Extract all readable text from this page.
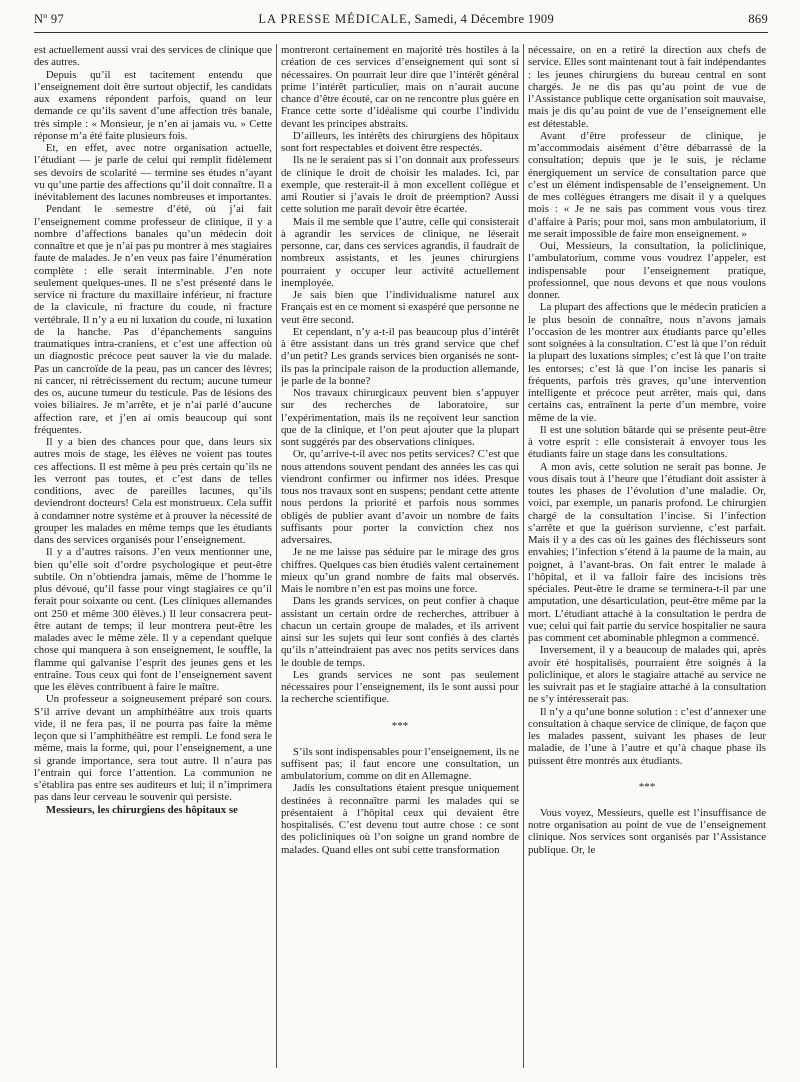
Nº 97	LA PRESSE MÉDICALE, Samedi, 4 Décembre 1909	869

est actuellement aussi vrai des services de clinique que des autres.

Depuis qu’il est tacitement entendu que l’enseignement doit être surtout objectif, les candidats aux examens répondent parfois, quand on leur demande ce qu’ils savent d’une affection très banale, très simple : « Monsieur, je n’en ai jamais vu. » Cette réponse m’a été faite plusieurs fois.

Et, en effet, avec notre organisation actuelle, l’étudiant — je parle de celui qui remplit fidèlement ses devoirs de scolarité — termine ses études n’ayant vu qu’une partie des affections qu’il doit connaître. Il a inévitablement des lacunes nombreuses et importantes.

Pendant le semestre d’été, où j’ai fait l’enseignement comme professeur de clinique, il y a nombre d’affections banales qu’un médecin doit connaître et que je n’ai pas pu montrer à mes stagiaires faute de malades. Je n’en veux pas faire l’énumération complète : elle serait interminable. J’en note seulement quelques-unes. Il ne s’est présenté dans le service ni fracture du maxillaire inférieur, ni fracture de la clavicule, ni fracture du coude, ni fracture vertébrale. Il n’y a eu ni luxation du coude, ni luxation de la hanche. Pas d’épanchements sanguins traumatiques intra-craniens, et c’est une affection où un diagnostic précoce peut sauver la vie du malade. Pas un cancroïde de la peau, pas un cancer des lèvres; ni cancer, ni rétrécissement du rectum; aucune tumeur des os, aucune tumeur du testicule. Pas de lésions des voies biliaires. Je m’arrête, et je n’ai parlé d’aucune affection rare, et j’en ai omis beaucoup qui sont fréquentes.

Il y a bien des chances pour que, dans leurs six autres mois de stage, les élèves ne voient pas toutes ces affections. Il est même à peu près certain qu’ils ne les verront pas toutes, et c’est dans de telles conditions, avec de pareilles lacunes, qu’ils deviendront docteurs! Cela est monstrueux. Cela suffit à condamner notre système et à prouver la nécessité de grouper les malades en même temps que les étudiants dans des services organisés pour l’enseignement.

Il y a d’autres raisons. J’en veux mentionner une, bien qu’elle soit d’ordre psychologique et peut-être subtile. On n’obtiendra jamais, même de l’homme le plus dévoué, qu’il fasse pour vingt stagiaires ce qu’il ferait pour soixante ou cent. (Les cliniques allemandes ont 250 et même 300 élèves.) Il leur consacrera peut-être autant de temps; il leur montrera peut-être les malades avec le même zèle. Il y a cependant quelque chose qui manquera à son enseignement, le souffle, la flamme qui galvanise l’esprit des jeunes gens et les entraîne. Tous ceux qui font de l’enseignement savent que les élèves contribuent à faire le maître.

Un professeur a soigneusement préparé son cours. S’il arrive devant un amphithéâtre aux trois quarts vide, il ne fera pas, il ne pourra pas faire la même leçon que si l’amphithéâtre est rempli. Le fond sera le même, mais la forme, qui, pour l’enseignement, a une si grande importance, sera tout autre. Il n’aura pas l’entrain qui force l’attention. La communion ne s’établira pas entre ses auditeurs et lui; il n’imprimera pas dans leur cerveau le souvenir qui persiste.

Messieurs, les chirurgiens des hôpitaux se

montreront certainement en majorité très hostiles à la création de ces services d’enseignement qui sont si nécessaires. On pourrait leur dire que l’intérêt général prime l’intérêt particulier, mais on n’aurait aucune chance d’être écouté, car on ne rencontre plus guère en France cette sorte d’idéalisme qui courbe l’individu devant les principes abstraits.

D’ailleurs, les intérêts des chirurgiens des hôpitaux sont fort respectables et doivent être respectés.

Ils ne le seraient pas si l’on donnait aux professeurs de clinique le droit de choisir les malades. Ici, par exemple, que resterait-il à mon excellent collègue et ami Routier si j’avais le droit de préemption? Aussi cette solution me paraît devoir être écartée.

Mais il me semble que l’autre, celle qui consisterait à agrandir les services de clinique, ne léserait personne, car, dans ces services agrandis, il faudrait de nombreux assistants, et les jeunes chirurgiens pourraient y occuper leur activité actuellement inemployée.

Je sais bien que l’individualisme naturel aux Français est en ce moment si exaspéré que personne ne veut être second.

Et cependant, n’y a-t-il pas beaucoup plus d’intérêt à être assistant dans un très grand service que chef d’un petit? Les grands services bien organisés ne sont-ils pas la principale raison de la production allemande, je parle de la bonne?

Nos travaux chirurgicaux peuvent bien s’appuyer sur des recherches de laboratoire, sur l’expérimentation, mais ils ne reçoivent leur sanction que de la clinique, et l’on peut ajouter que la plupart sont suggérés par des observations cliniques.

Or, qu’arrive-t-il avec nos petits services? C’est que nous attendons souvent pendant des années les cas qui viendront confirmer ou infirmer nos idées. Presque tous nos travaux sont en suspens; pendant cette attente nous perdons la priorité et parfois nous sommes obligés de publier avant d’avoir un nombre de faits suffisants pour porter la conviction chez nos adversaires.

Je ne me laisse pas séduire par le mirage des gros chiffres. Quelques cas bien étudiés valent certainement mieux qu’un grand nombre de faits mal observés. Mais le nombre n’en est pas moins une force.

Dans les grands services, on peut confier à chaque assistant un certain ordre de recherches, attribuer à chacun un certain groupe de malades, et ils arrivent ainsi sur les sujets qui leur sont confiés à des clartés qu’ils n’atteindraient pas avec nos petits services dans le double de temps.

Les grands services ne sont pas seulement nécessaires pour l’enseignement, ils le sont aussi pour la recherche scientifique.

***

S’ils sont indispensables pour l’enseignement, ils ne suffisent pas; il faut encore une consultation, un ambulatorium, comme on dit en Allemagne.

Jadis les consultations étaient presque uniquement destinées à reconnaître parmi les malades qui se présentaient à l’hôpital ceux qui devaient être hospitalisés. C’est devenu tout autre chose : ce sont des policliniques où l’on soigne un grand nombre de malades. Quand elles ont subi cette transformation

nécessaire, on en a retiré la direction aux chefs de service. Elles sont maintenant tout à fait indépendantes : les jeunes chirurgiens du bureau central en sont chargés. Je ne dis pas qu’au point de vue de l’Assistance publique cette organisation soit mauvaise, mais je dis qu’au point de vue de l’enseignement elle est détestable.

Avant d’être professeur de clinique, je m’accommodais aisément d’être débarrassé de la consultation; depuis que je le suis, je réclame énergiquement un service de consultation parce que c’est un élément indispensable de l’enseignement. Un de mes collègues étrangers me disait il y a quelques mois : « Je ne sais pas comment vous vous tirez d’affaire à Paris; pour moi, sans mon ambulatorium, il me serait impossible de faire mon enseignement. »

Oui, Messieurs, la consultation, la policlinique, l’ambulatorium, comme vous voudrez l’appeler, est indispensable pour l’enseignement pratique, professionnel, que nous devons et que nous voulons donner.

La plupart des affections que le médecin praticien a le plus besoin de connaître, nous n’avons jamais l’occasion de les montrer aux étudiants parce qu’elles sont soignées à la consultation. C’est là que l’on réduit la plupart des luxations simples; c’est là que l’on traite les entorses; c’est là que l’on incise les panaris si fréquents, parfois très graves, qu’une intervention intelligente et précoce peut arrêter, mais qui, dans certains cas, entraînent la perte d’un membre, voire même de la vie.

Il est une solution bâtarde qui se présente peut-être à votre esprit : elle consisterait à envoyer tous les étudiants faire un stage dans les consultations.

A mon avis, cette solution ne serait pas bonne. Je vous disais tout à l’heure que l’étudiant doit assister à toutes les phases de l’évolution d’une maladie. Or, voici, par exemple, un panaris profond. Le chirurgien chargé de la consultation l’incise. Si l’infection s’arrête et que la guérison survienne, c’est parfait. Mais il y a des cas où les gaines des fléchisseurs sont envahies; l’infection s’étend à la paume de la main, au poignet, à l’avant-bras. On fait entrer le malade à l’hôpital, et il va falloir faire des incisions très spéciales. Peut-être le drame se terminera-t-il par une amputation, une désarticulation, peut-être même par la mort. L’étudiant attaché à la consultation le perdra de vue; celui qui fait partie du service hospitalier ne saura pas comment cet abominable phlegmon a commencé.

Inversement, il y a beaucoup de malades qui, après avoir été hospitalisés, pourraient être soignés à la policlinique, et alors le stagiaire attaché au service ne les suivrait pas et le stagiaire attaché à la consultation ne s’y intéresserait pas.

Il n’y a qu’une bonne solution : c’est d’annexer une consultation à chaque service de clinique, de façon que les malades passent, suivant les phases de leur maladie, de l’une à l’autre et qu’à chaque phase ils puissent être montrés aux étudiants.

***

Vous voyez, Messieurs, quelle est l’insuffisance de notre organisation au point de vue de l’enseignement clinique. Nos services sont organisés par l’Assistance publique. Or, le
